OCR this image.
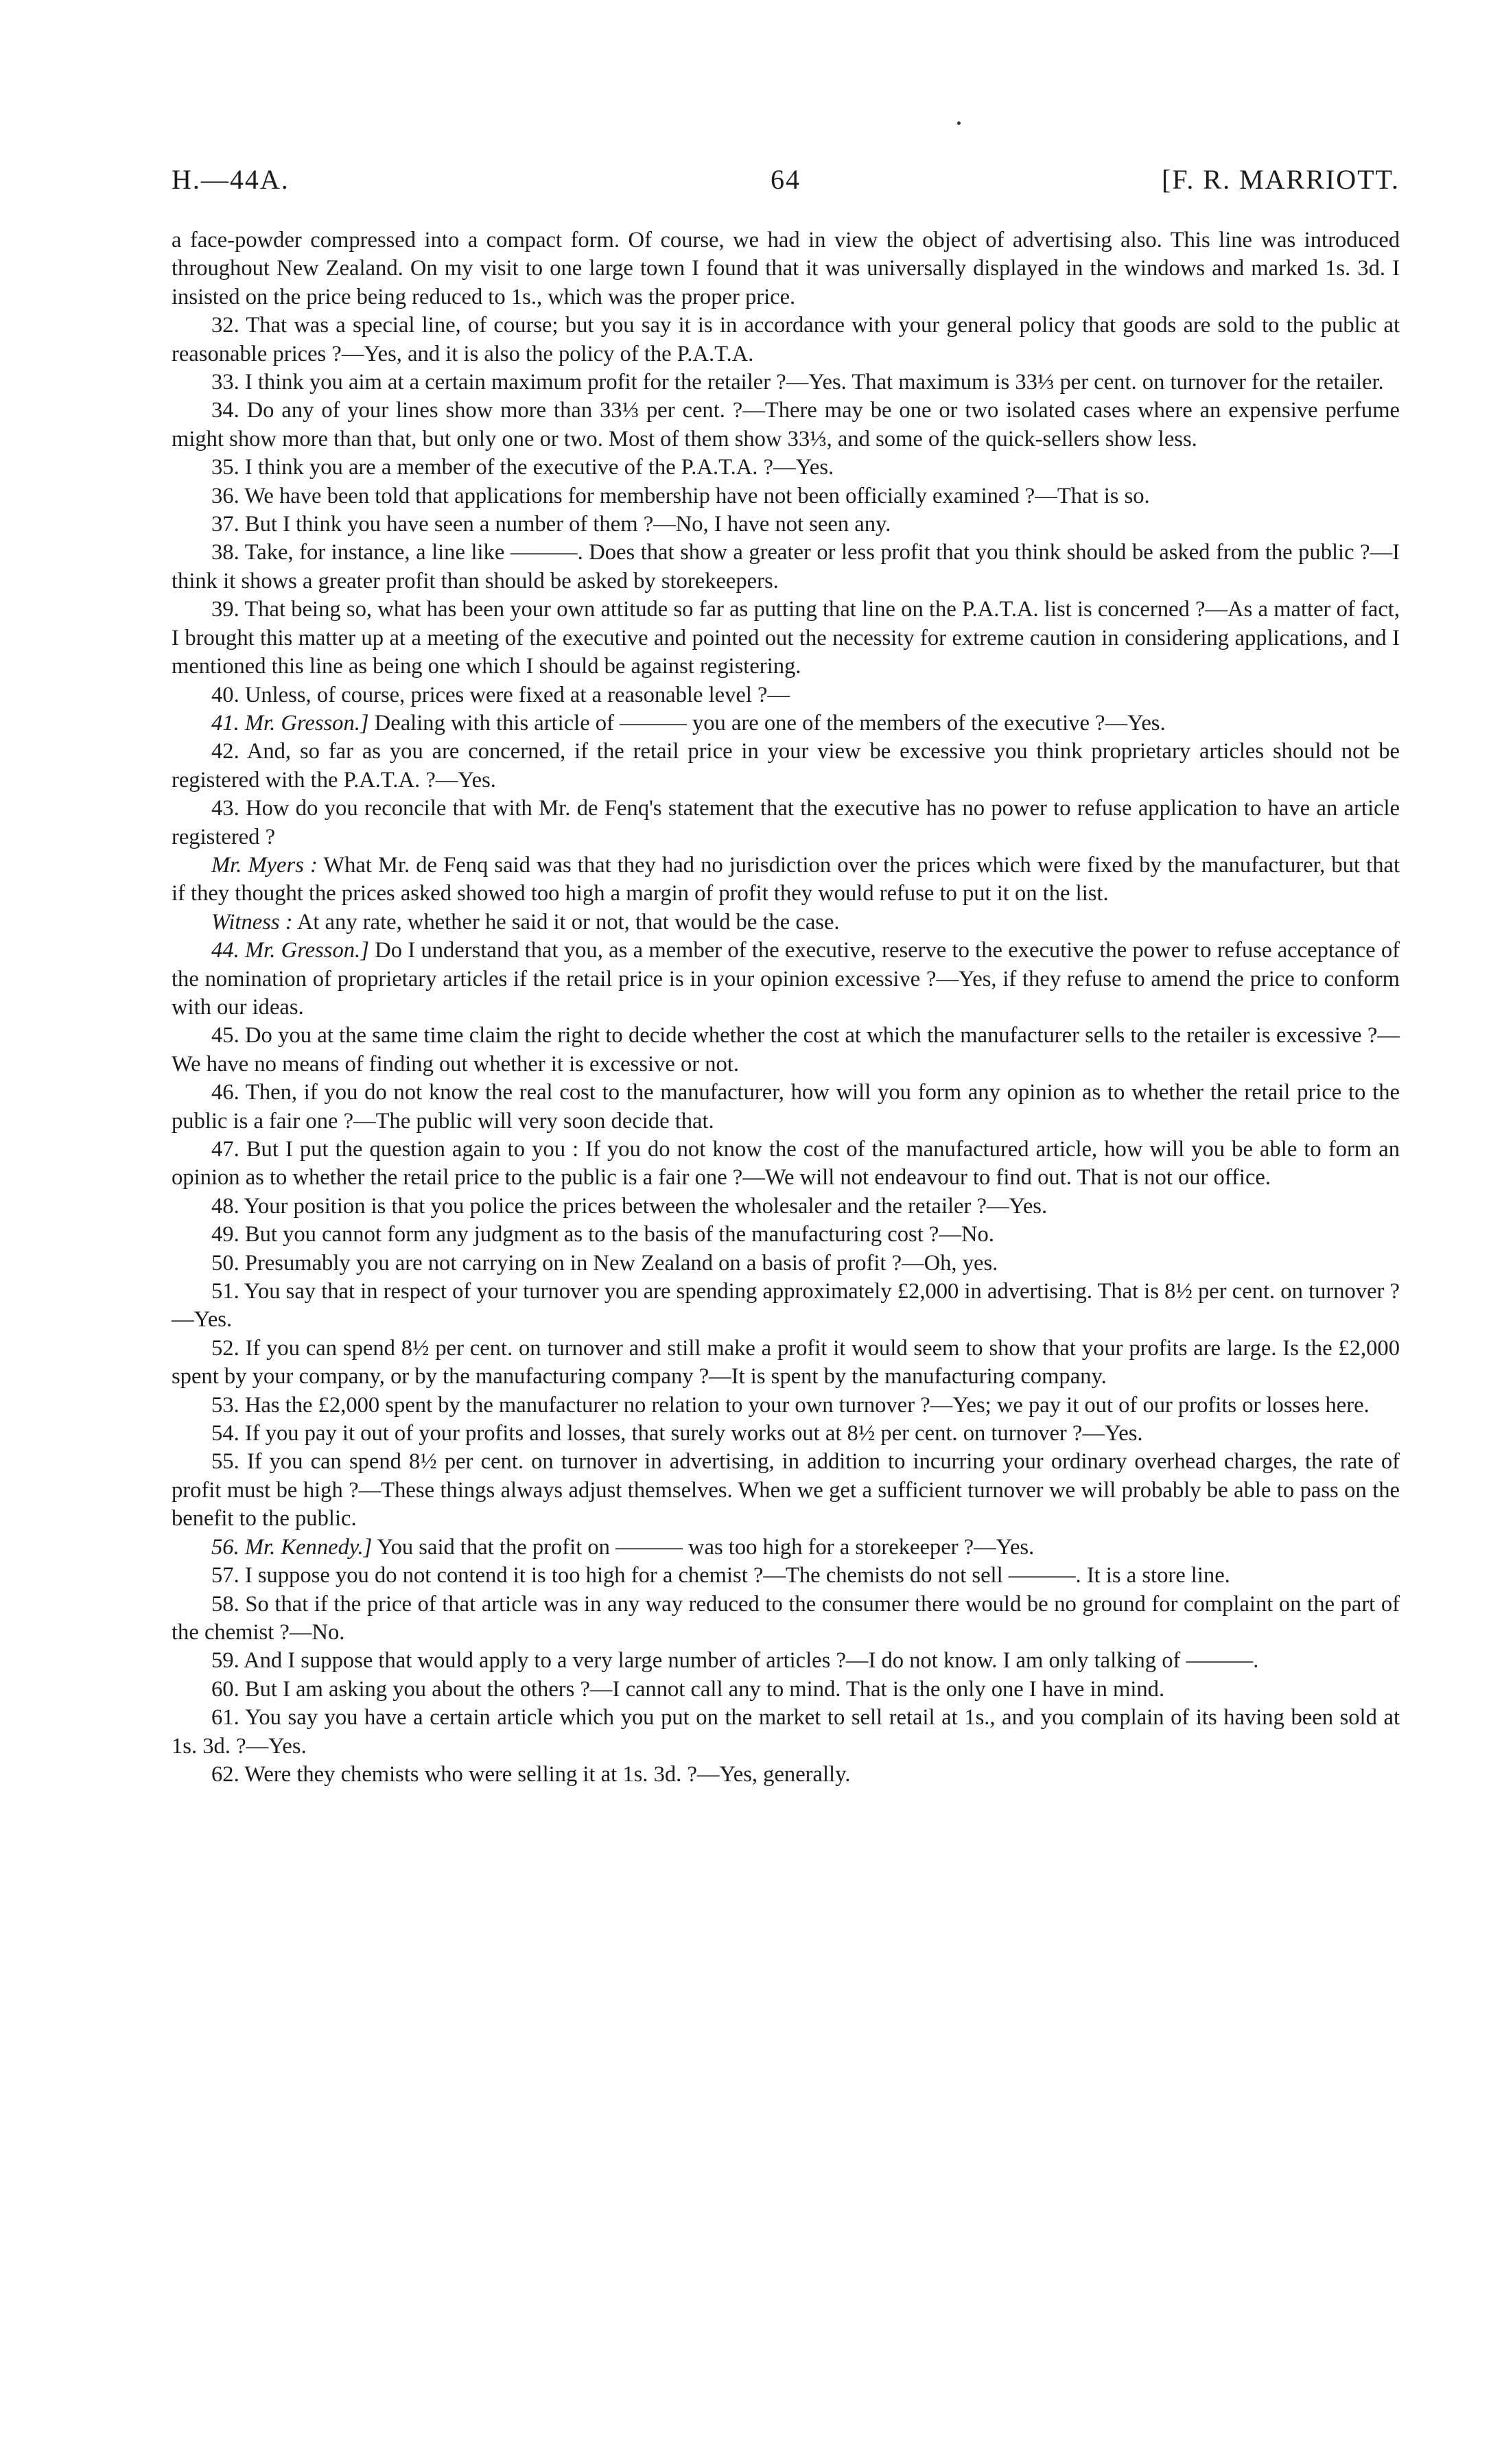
H.—44A.	64	[F. R. MARRIOTT.

a face-powder compressed into a compact form. Of course, we had in view the object of advertising also. This line was introduced throughout New Zealand. On my visit to one large town I found that it was universally displayed in the windows and marked 1s. 3d. I insisted on the price being reduced to 1s., which was the proper price.

32. That was a special line, of course; but you say it is in accordance with your general policy that goods are sold to the public at reasonable prices ?—Yes, and it is also the policy of the P.A.T.A.

33. I think you aim at a certain maximum profit for the retailer ?—Yes. That maximum is 33⅓ per cent. on turnover for the retailer.

34. Do any of your lines show more than 33⅓ per cent. ?—There may be one or two isolated cases where an expensive perfume might show more than that, but only one or two. Most of them show 33⅓, and some of the quick-sellers show less.

35. I think you are a member of the executive of the P.A.T.A. ?—Yes.

36. We have been told that applications for membership have not been officially examined ?—That is so.

37. But I think you have seen a number of them ?—No, I have not seen any.

38. Take, for instance, a line like ———. Does that show a greater or less profit that you think should be asked from the public ?—I think it shows a greater profit than should be asked by storekeepers.

39. That being so, what has been your own attitude so far as putting that line on the P.A.T.A. list is concerned ?—As a matter of fact, I brought this matter up at a meeting of the executive and pointed out the necessity for extreme caution in considering applications, and I mentioned this line as being one which I should be against registering.

40. Unless, of course, prices were fixed at a reasonable level ?—

41. Mr. Gresson.] Dealing with this article of ——— you are one of the members of the executive ?—Yes.

42. And, so far as you are concerned, if the retail price in your view be excessive you think proprietary articles should not be registered with the P.A.T.A. ?—Yes.

43. How do you reconcile that with Mr. de Fenq's statement that the executive has no power to refuse application to have an article registered ?

Mr. Myers : What Mr. de Fenq said was that they had no jurisdiction over the prices which were fixed by the manufacturer, but that if they thought the prices asked showed too high a margin of profit they would refuse to put it on the list.

Witness : At any rate, whether he said it or not, that would be the case.

44. Mr. Gresson.] Do I understand that you, as a member of the executive, reserve to the executive the power to refuse acceptance of the nomination of proprietary articles if the retail price is in your opinion excessive ?—Yes, if they refuse to amend the price to conform with our ideas.

45. Do you at the same time claim the right to decide whether the cost at which the manufacturer sells to the retailer is excessive ?—We have no means of finding out whether it is excessive or not.

46. Then, if you do not know the real cost to the manufacturer, how will you form any opinion as to whether the retail price to the public is a fair one ?—The public will very soon decide that.

47. But I put the question again to you : If you do not know the cost of the manufactured article, how will you be able to form an opinion as to whether the retail price to the public is a fair one ?—We will not endeavour to find out. That is not our office.

48. Your position is that you police the prices between the wholesaler and the retailer ?—Yes.

49. But you cannot form any judgment as to the basis of the manufacturing cost ?—No.

50. Presumably you are not carrying on in New Zealand on a basis of profit ?—Oh, yes.

51. You say that in respect of your turnover you are spending approximately £2,000 in advertising. That is 8½ per cent. on turnover ?—Yes.

52. If you can spend 8½ per cent. on turnover and still make a profit it would seem to show that your profits are large. Is the £2,000 spent by your company, or by the manufacturing company ?—It is spent by the manufacturing company.

53. Has the £2,000 spent by the manufacturer no relation to your own turnover ?—Yes; we pay it out of our profits or losses here.

54. If you pay it out of your profits and losses, that surely works out at 8½ per cent. on turnover ?—Yes.

55. If you can spend 8½ per cent. on turnover in advertising, in addition to incurring your ordinary overhead charges, the rate of profit must be high ?—These things always adjust themselves. When we get a sufficient turnover we will probably be able to pass on the benefit to the public.

56. Mr. Kennedy.] You said that the profit on ——— was too high for a storekeeper ?—Yes.

57. I suppose you do not contend it is too high for a chemist ?—The chemists do not sell ———. It is a store line.

58. So that if the price of that article was in any way reduced to the consumer there would be no ground for complaint on the part of the chemist ?—No.

59. And I suppose that would apply to a very large number of articles ?—I do not know. I am only talking of ———.

60. But I am asking you about the others ?—I cannot call any to mind. That is the only one I have in mind.

61. You say you have a certain article which you put on the market to sell retail at 1s., and you complain of its having been sold at 1s. 3d. ?—Yes.

62. Were they chemists who were selling it at 1s. 3d. ?—Yes, generally.
